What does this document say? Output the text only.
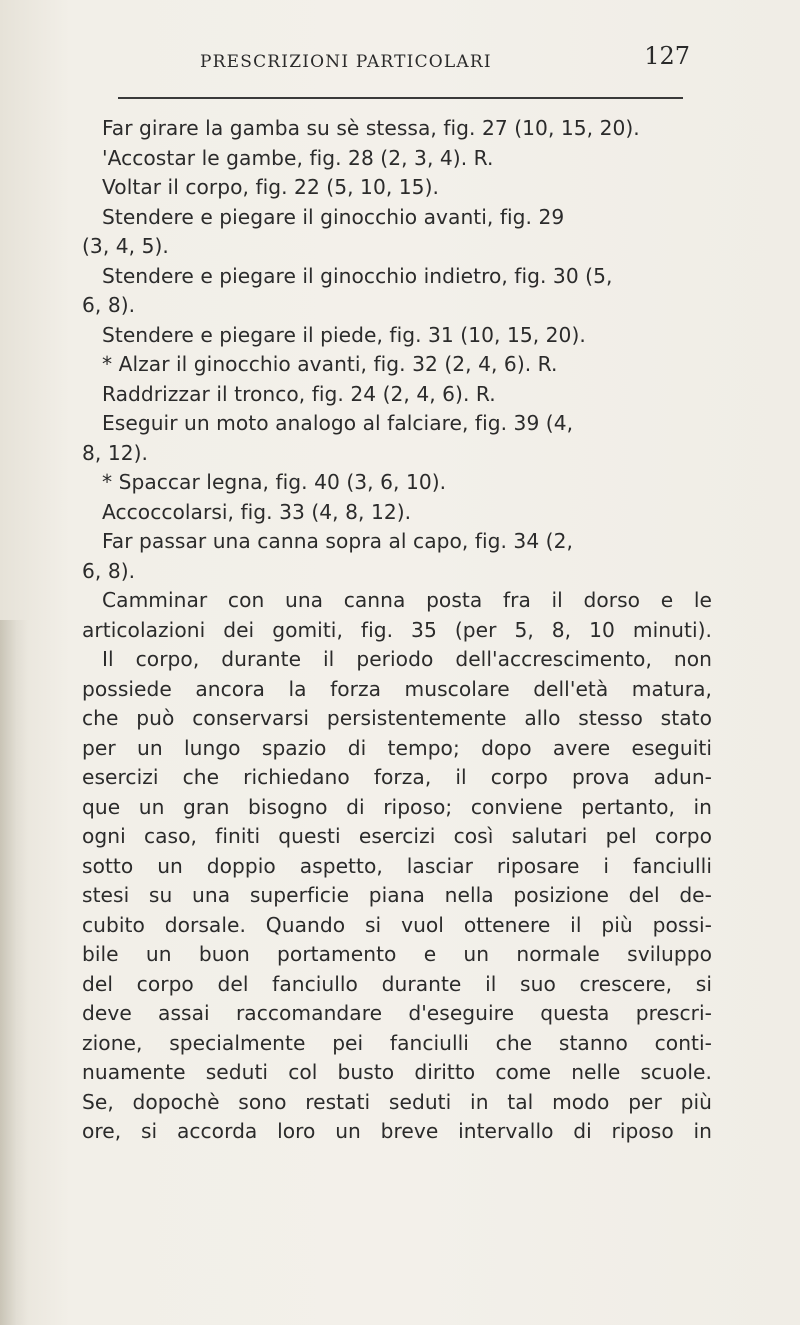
PRESCRIZIONI PARTICOLARI	127
Far girare la gamba su sè stessa, fig. 27 (10, 15, 20).
'Accostar le gambe, fig. 28 (2, 3, 4). R.
Voltar il corpo, fig. 22 (5, 10, 15).
Stendere e piegare il ginocchio avanti, fig. 29
(3, 4, 5).
Stendere e piegare il ginocchio indietro, fig. 30 (5,
6, 8).
Stendere e piegare il piede, fig. 31 (10, 15, 20).
* Alzar il ginocchio avanti, fig. 32 (2, 4, 6). R.
Raddrizzar il tronco, fig. 24 (2, 4, 6). R.
Eseguir un moto analogo al falciare, fig. 39 (4,
8, 12).
* Spaccar legna, fig. 40 (3, 6, 10).
Accoccolarsi, fig. 33 (4, 8, 12).
Far passar una canna sopra al capo, fig. 34 (2,
6, 8).
Camminar con una canna posta fra il dorso e le
articolazioni dei gomiti, fig. 35 (per 5, 8, 10 minuti).
Il corpo, durante il periodo dell'accrescimento, non
possiede ancora la forza muscolare dell'età matura,
che può conservarsi persistentemente allo stesso stato
per un lungo spazio di tempo; dopo avere eseguiti
esercizi che richiedano forza, il corpo prova adun-
que un gran bisogno di riposo; conviene pertanto, in
ogni caso, finiti questi esercizi così salutari pel corpo
sotto un doppio aspetto, lasciar riposare i fanciulli
stesi su una superficie piana nella posizione del de-
cubito dorsale. Quando si vuol ottenere il più possi-
bile un buon portamento e un normale sviluppo
del corpo del fanciullo durante il suo crescere, si
deve assai raccomandare d'eseguire questa prescri-
zione, specialmente pei fanciulli che stanno conti-
nuamente seduti col busto diritto come nelle scuole.
Se, dopochè sono restati seduti in tal modo per più
ore, si accorda loro un breve intervallo di riposo in
